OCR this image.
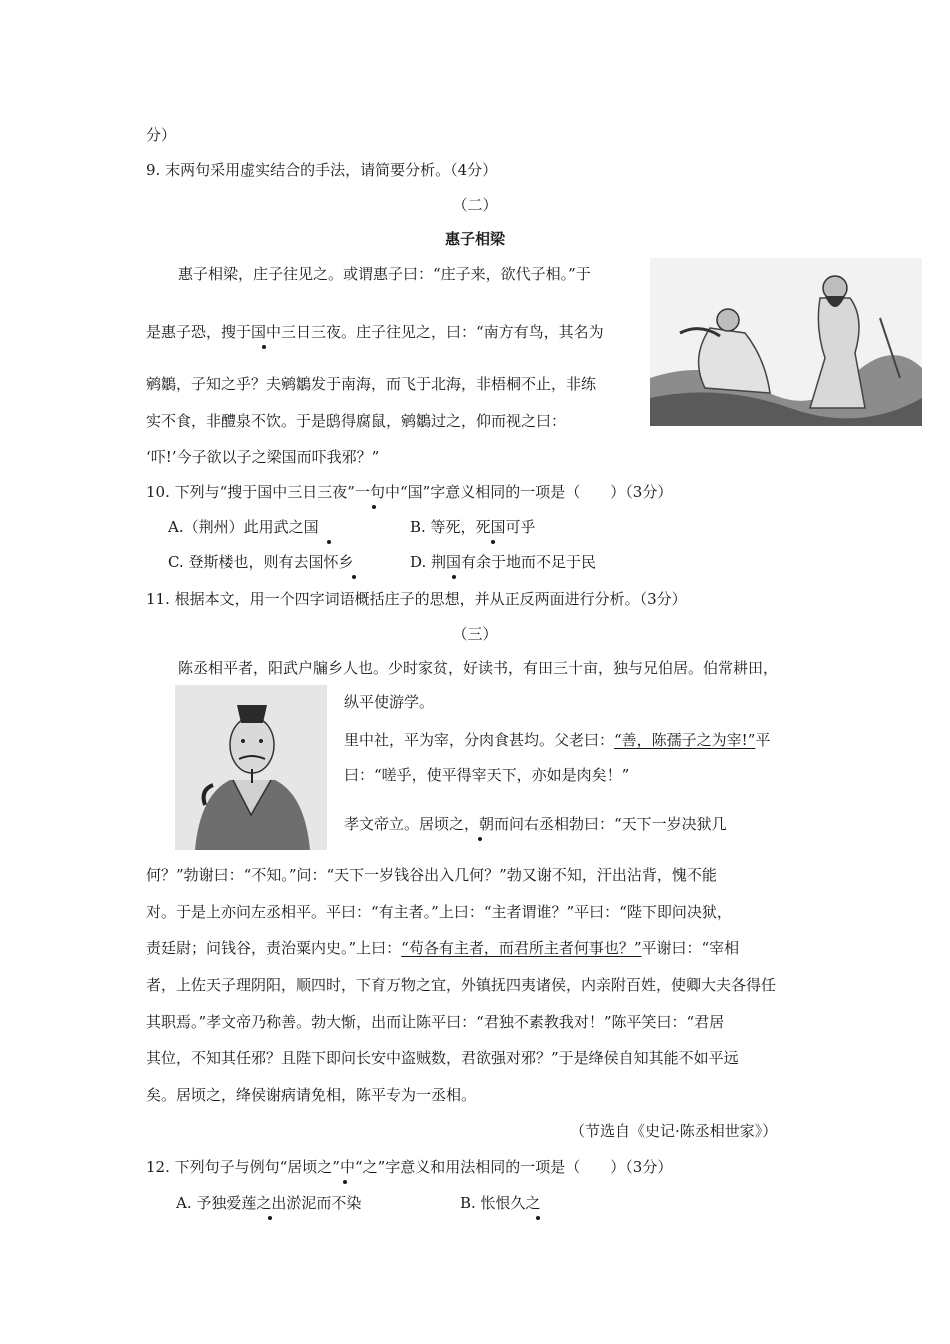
分）
9. 末两句采用虚实结合的手法，请简要分析。（4分）
（二）
惠子相梁
惠子相梁，庄子往见之。或谓惠子曰：“庄子来，欲代子相。”于
是惠子恐，搜于国中三日三夜。庄子往见之，曰：“南方有鸟，其名为
鹓鶵，子知之乎？夫鹓鶵发于南海，而飞于北海，非梧桐不止，非练
实不食，非醴泉不饮。于是鸱得腐鼠，鹓鶵过之，仰而视之曰：
‘吓!’今子欲以子之梁国而吓我邪？”
10. 下列与“搜于国中三日三夜”一句中“国”字意义相同的一项是（　　）（3分）
A.（荆州）此用武之国	B. 等死，死国可乎
C. 登斯楼也，则有去国怀乡	D. 荆国有余于地而不足于民
11. 根据本文，用一个四字词语概括庄子的思想，并从正反两面进行分析。（3分）
（三）
陈丞相平者，阳武户牖乡人也。少时家贫，好读书，有田三十亩，独与兄伯居。伯常耕田，
纵平使游学。
里中社，平为宰，分肉食甚均。父老曰：“善，陈孺子之为宰!”平
曰：“嗟乎，使平得宰天下，亦如是肉矣！”
孝文帝立。居顷之，朝而问右丞相勃曰：“天下一岁决狱几
何？”勃谢曰：“不知。”问：“天下一岁钱谷出入几何？”勃又谢不知，汗出沾背，愧不能
对。于是上亦问左丞相平。平曰：“有主者。”上曰：“主者谓谁？”平曰：“陛下即问决狱，
责廷尉；问钱谷，责治粟内史。”上曰：“苟各有主者，而君所主者何事也？”平谢曰：“宰相
者，上佐天子理阴阳，顺四时，下育万物之宜，外镇抚四夷诸侯，内亲附百姓，使卿大夫各得任
其职焉。”孝文帝乃称善。勃大惭，出而让陈平曰：“君独不素教我对！”陈平笑曰：“君居
其位，不知其任邪？且陛下即问长安中盗贼数，君欲强对邪？”于是绛侯自知其能不如平远
矣。居顷之，绛侯谢病请免相，陈平专为一丞相。
（节选自《史记·陈丞相世家》）
12. 下列句子与例句“居顷之”中“之”字意义和用法相同的一项是（　　）（3分）
A. 予独爱莲之出淤泥而不染	B. 怅恨久之
